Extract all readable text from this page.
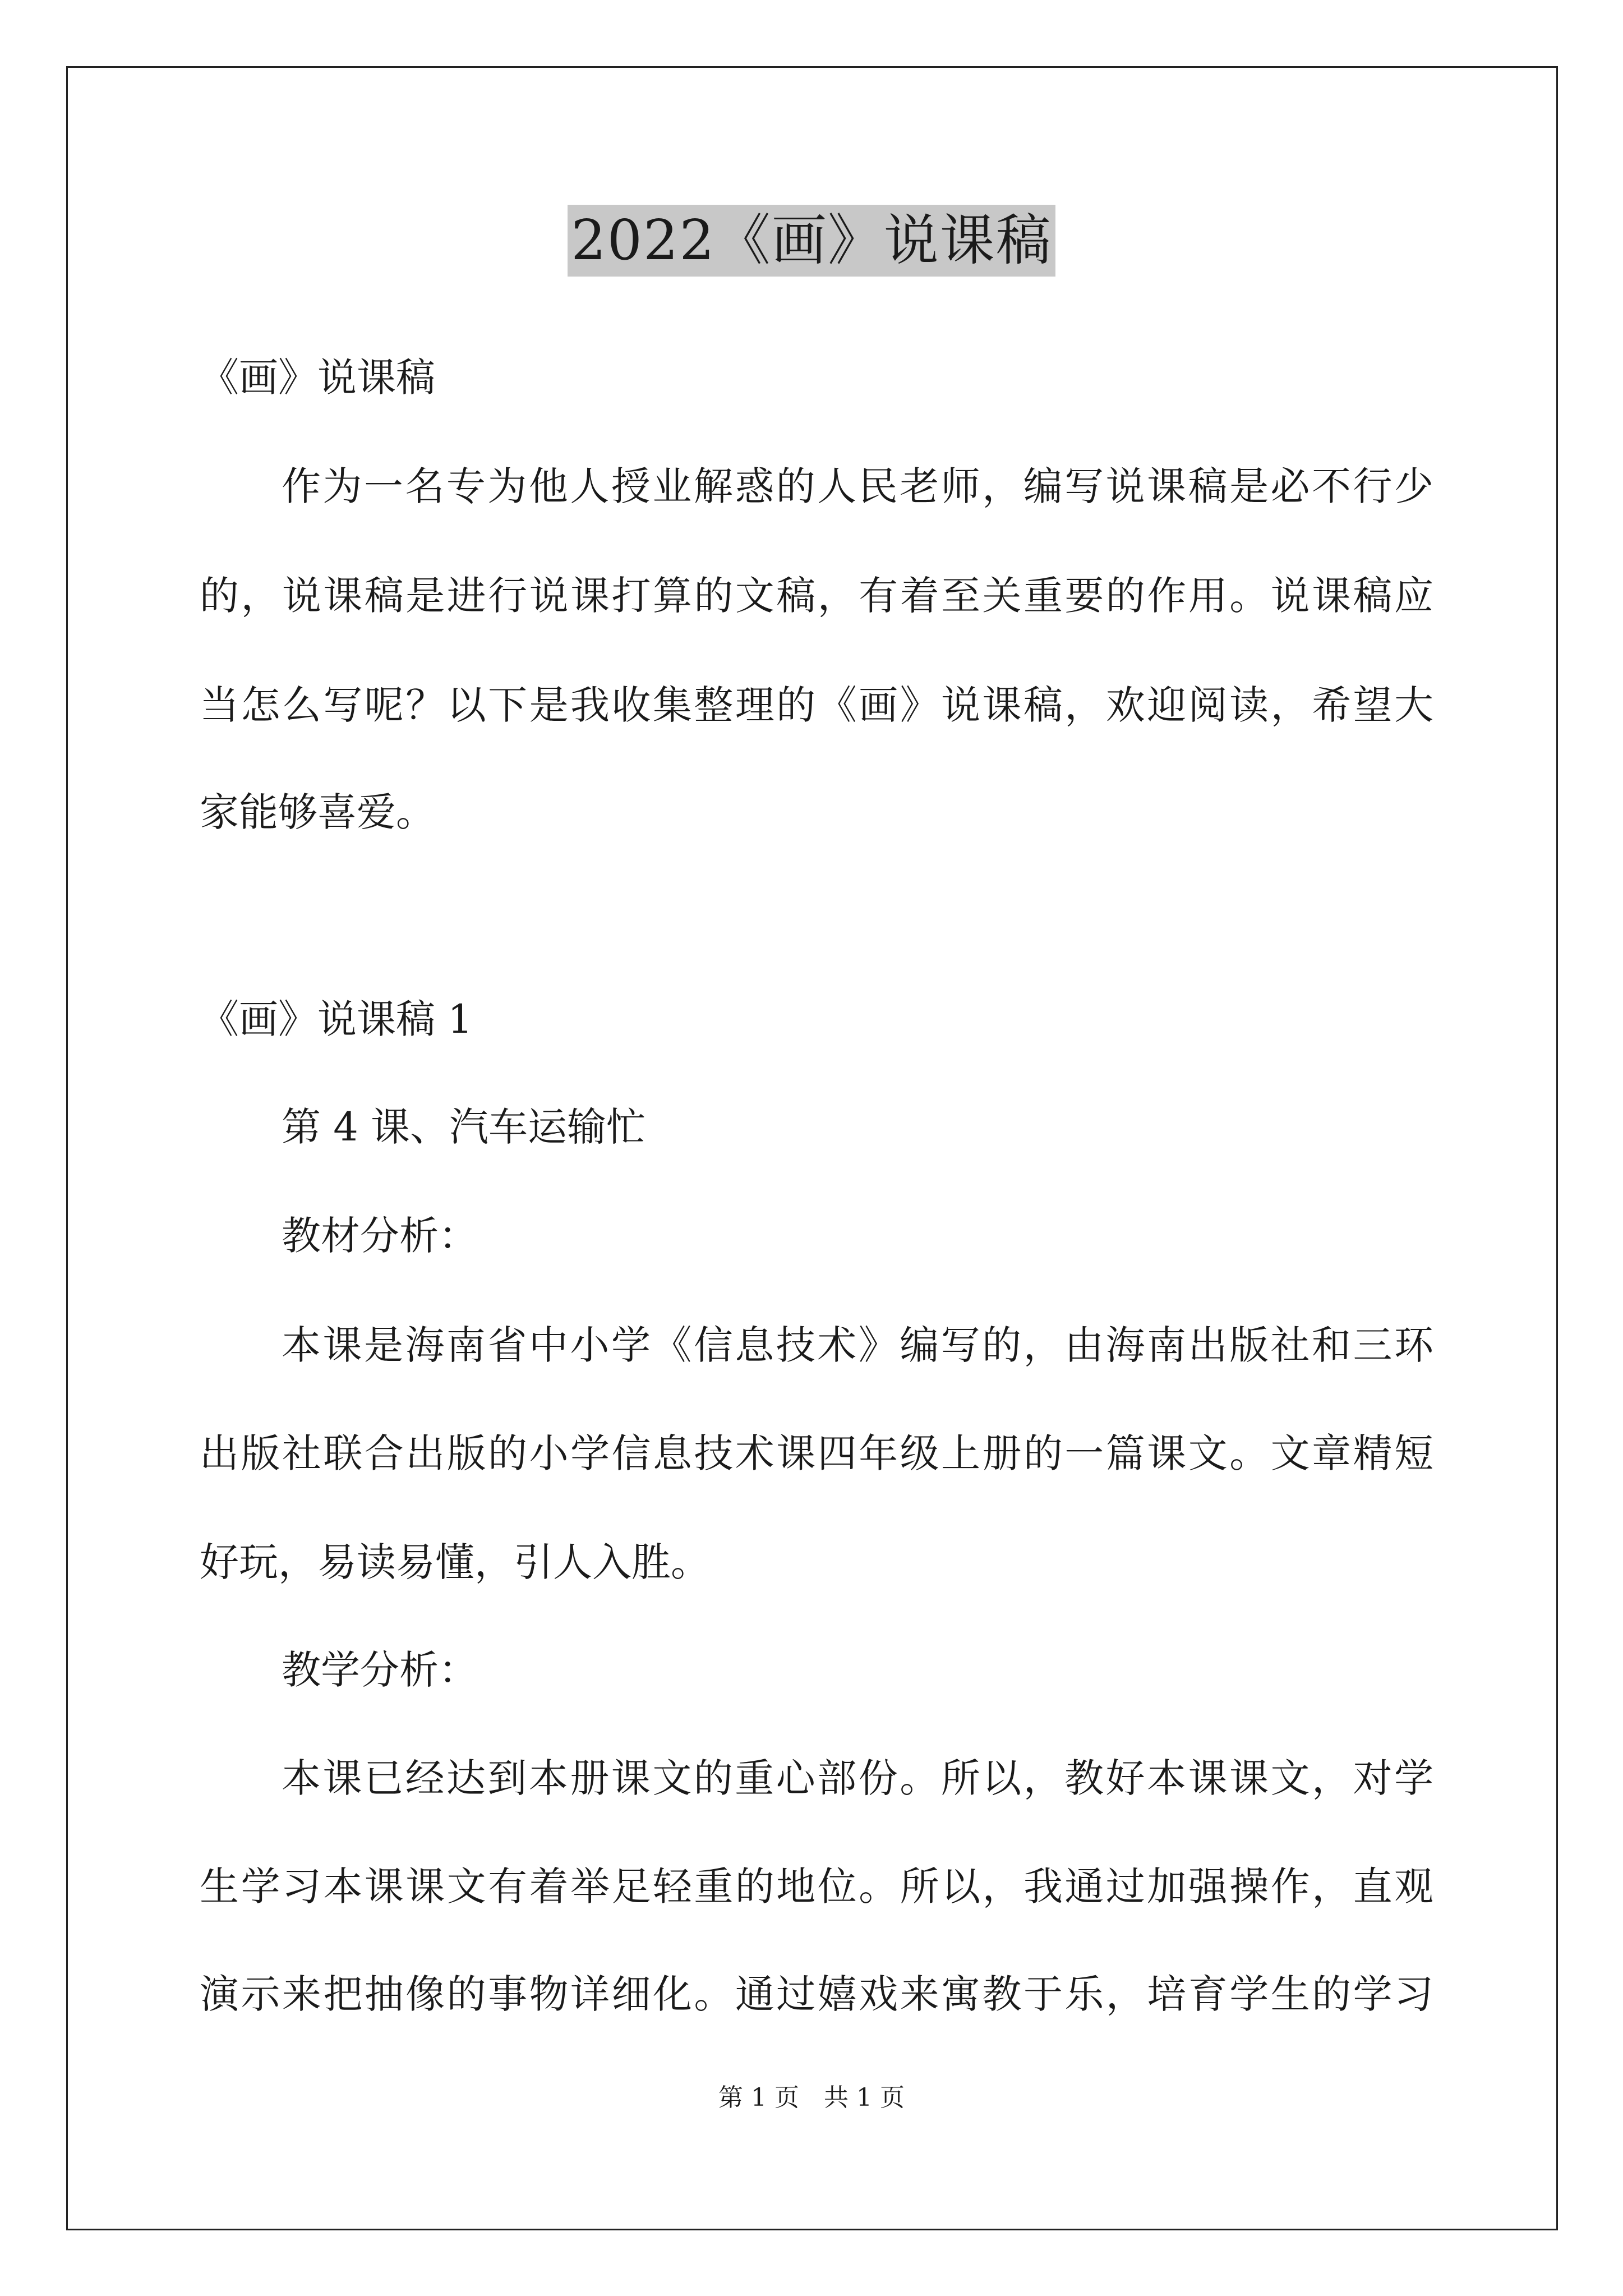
2022《画》说课稿
《画》说课稿
作为一名专为他人授业解惑的人民老师，编写说课稿是必不行少
的，说课稿是进行说课打算的文稿，有着至关重要的作用。说课稿应
当怎么写呢？以下是我收集整理的《画》说课稿，欢迎阅读，希望大
家能够喜爱。
《画》说课稿 1
第 4 课、汽车运输忙
教材分析：
本课是海南省中小学《信息技术》编写的，由海南出版社和三环
出版社联合出版的小学信息技术课四年级上册的一篇课文。文章精短
好玩，易读易懂，引人入胜。
教学分析：
本课已经达到本册课文的重心部份。所以，教好本课课文，对学
生学习本课课文有着举足轻重的地位。所以，我通过加强操作，直观
演示来把抽像的事物详细化。通过嬉戏来寓教于乐，培育学生的学习
第 1 页 共 1 页
